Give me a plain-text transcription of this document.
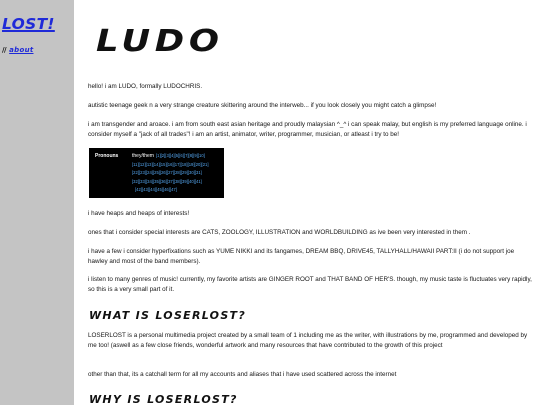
LOST!
// about LUDO

hello! i am LUDO, formally LUDOCHRIS.

autistic teenage geek n a very strange creature skittering around the interweb... if you look closely you might catch a glimpse!

i am transgender and aroace. i am from south east asian heritage and proudly malaysian ^_^ i can speak malay, but english is my preferred language online. i consider myself a "jack of all trades"! i am an artist, animator, writer, programmer, musician, or atleast i try to be!

Pronouns	they/them [1][2][3][4][5][6][7][8][9][10]
[11][12][13][14][15][16][17][18][19][20][21]
[22][23][24][25][26][27][28][29][30][31]
[32][33][34][35][36][37][38][39][40][41]
[42][43][44][45][46][47]

i have heaps and heaps of interests!

ones that i consider special interests are CATS, ZOOLOGY, ILLUSTRATION and WORLDBUILDING as ive been very interested in them .

i have a few i consider hyperfixations such as YUME NIKKI and its fangames, DREAM BBQ, DRIVE45, TALLYHALL/HAWAII PART:II (i do not support joe hawley and most of the band members).

i listen to many genres of music! currently, my favorite artists are GINGER ROOT and THAT BAND OF HER'S. though, my music taste is fluctuates very rapidly, so this is a very small part of it.

WHAT IS LOSERLOST?

LOSERLOST is a personal multimedia project created by a small team of 1 including me as the writer, with illustrations by me, programmed and developed by me too! (aswell as a few close friends, wonderful artwork and many resources that have contributed to the growth of this project

other than that, its a catchall term for all my accounts and aliases that i have used scattered across the internet

WHY IS LOSERLOST?
